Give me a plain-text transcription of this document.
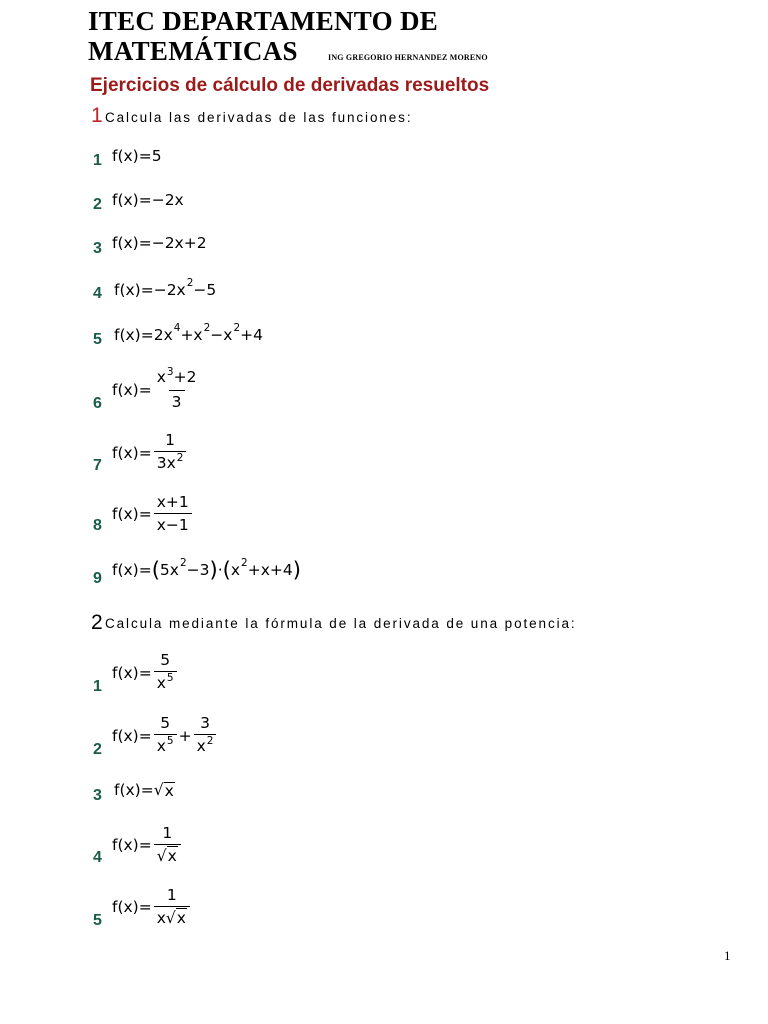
ITEC DEPARTAMENTO DE
MATEMÁTICAS	ING GREGORIO HERNANDEZ MORENO
Ejercicios de cálculo de derivadas resueltos
1 Calcula las derivadas de las funciones:
1 f(x)=5
2 f(x)=−2x
3 f(x)=−2x+2
4 $f(x)=-2x^2 -5$
5 $f(x)=2x^4 +x^2 -x^2 +4$
6
$f(x)= \frac{x^3+2}{3}$
7
$f(x)= \frac{1}{3x^2}$
8
$f(x)= \frac{x+1}{x-1}$
9 f(x)= ( $5x^2 -3$ ) · ( $x^2 +x+4$ )
2 Calcula mediante la fórmula de la derivada de una potencia:
1
$f(x)= \frac{5}{x^5}$
2
$f(x)= \frac{5}{x^5} + \frac{3}{x^2}$
3 f(x)=√ x
4
$f(x)= \frac{1}{√x}$
5
$f(x)= \frac{1}{x√x}$
1
